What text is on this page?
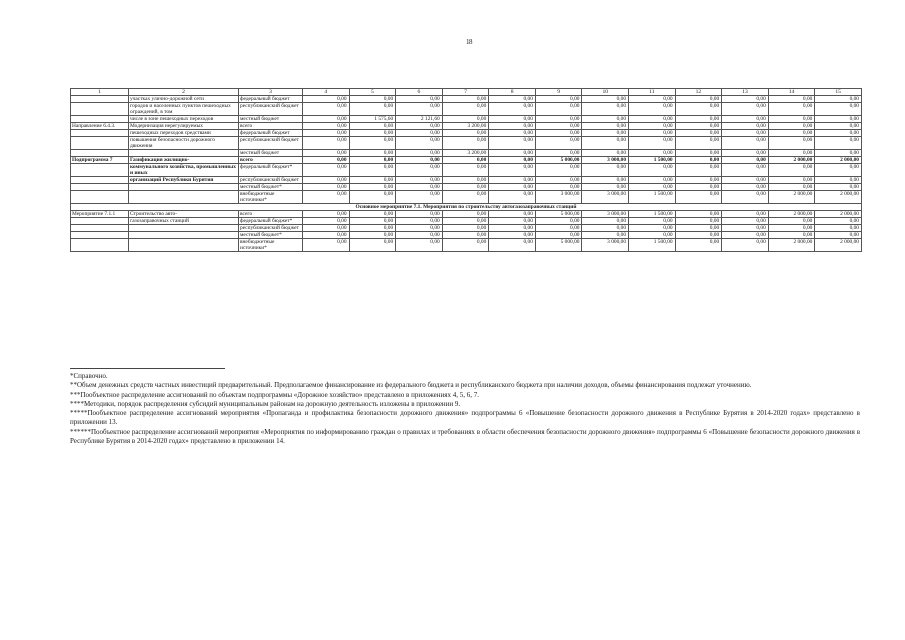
18
1	2	3	4	5	6	7	8	9	10	11	12	13	14	15
	участках улично-дорожной сети	федеральный бюджет	0,00	0,00	0,00	0,00	0,00	0,00	0,00	0,00	0,00	0,00	0,00	0,00
	городов и населенных пунктов пешеходных ограждений, в том	республиканский бюджет	0,00	0,00	0,00	0,00	0,00	0,00	0,00	0,00	0,00	0,00	0,00	0,00
	числе в зоне пешеходных переходов	местный бюджет	0,00	1 575,60	2 121,60	0,00	0,00	0,00	0,00	0,00	0,00	0,00	0,00	0,00
Направление 6.4.3.	Модернизация нерегулируемых	всего	0,00	0,00	0,00	3 200,00	0,00	0,00	0,00	0,00	0,00	0,00	0,00	0,00
	пешеходных переходов средствами	федеральный бюджет	0,00	0,00	0,00	0,00	0,00	0,00	0,00	0,00	0,00	0,00	0,00	0,00
	повышения безопасности дорожного движения	республиканский бюджет	0,00	0,00	0,00	0,00	0,00	0,00	0,00	0,00	0,00	0,00	0,00	0,00
		местный бюджет	0,00	0,00	0,00	3 200,00	0,00	0,00	0,00	0,00	0,00	0,00	0,00	0,00
Подпрограмма 7	Газификация жилищно-	всего	0,00	0,00	0,00	0,00	0,00	5 000,00	3 000,00	1 500,00	0,00	0,00	2 000,00	2 000,00
	коммунального хозяйства, промышленных и иных	федеральный бюджет*	0,00	0,00	0,00	0,00	0,00	0,00	0,00	0,00	0,00	0,00	0,00	0,00
	организаций Республики Бурятия	республиканский бюджет	0,00	0,00	0,00	0,00	0,00	0,00	0,00	0,00	0,00	0,00	0,00	0,00
		местный бюджет*	0,00	0,00	0,00	0,00	0,00	0,00	0,00	0,00	0,00	0,00	0,00	0,00
		внебюджетные источники*	0,00	0,00	0,00	0,00	0,00	3 000,00	3 000,00	1 500,00	0,00	0,00	2 000,00	2 000,00
Основное мероприятие 7.1. Мероприятия по строительству автогазозаправочных станций														
Мероприятие 7.1.1	Строительство авто-	всего	0,00	0,00	0,00	0,00	0,00	5 000,00	3 000,00	1 500,00	0,00	0,00	2 000,00	2 000,00
	газозаправочных станций	федеральный бюджет*	0,00	0,00	0,00	0,00	0,00	0,00	0,00	0,00	0,00	0,00	0,00	0,00
		республиканский бюджет	0,00	0,00	0,00	0,00	0,00	0,00	0,00	0,00	0,00	0,00	0,00	0,00
		местный бюджет*	0,00	0,00	0,00	0,00	0,00	0,00	0,00	0,00	0,00	0,00	0,00	0,00
		внебюджетные источники*	0,00	0,00	0,00	0,00	0,00	5 000,00	3 000,00	1 500,00	0,00	0,00	2 000,00	2 000,00

*Справочно.

**Объем денежных средств частных инвестиций предварительный. Предполагаемое финансирование из федерального бюджета и республиканского бюджета при наличии доходов, объемы финансирования подлежат уточнению.

***Пообъектное распределение ассигнований по объектам подпрограммы «Дорожное хозяйство» представлено в приложениях 4, 5, 6, 7.

****Методики, порядок распределения субсидий муниципальным районам на дорожную деятельность изложены в приложении 9.

*****Пообъектное распределение ассигнований мероприятия «Пропаганда и профилактика безопасности дорожного движения» подпрограммы 6 «Повышение безопасности дорожного движения в Республике Бурятия в 2014-2020 годах» представлено в приложении 13.

******Пообъектное распределение ассигнований мероприятия «Мероприятия по информированию граждан о правилах и требованиях в области обеспечения безопасности дорожного движения» подпрограммы 6 «Повышение безопасности дорожного движения в Республике Бурятия в 2014-2020 годах» представлено в приложении 14.
